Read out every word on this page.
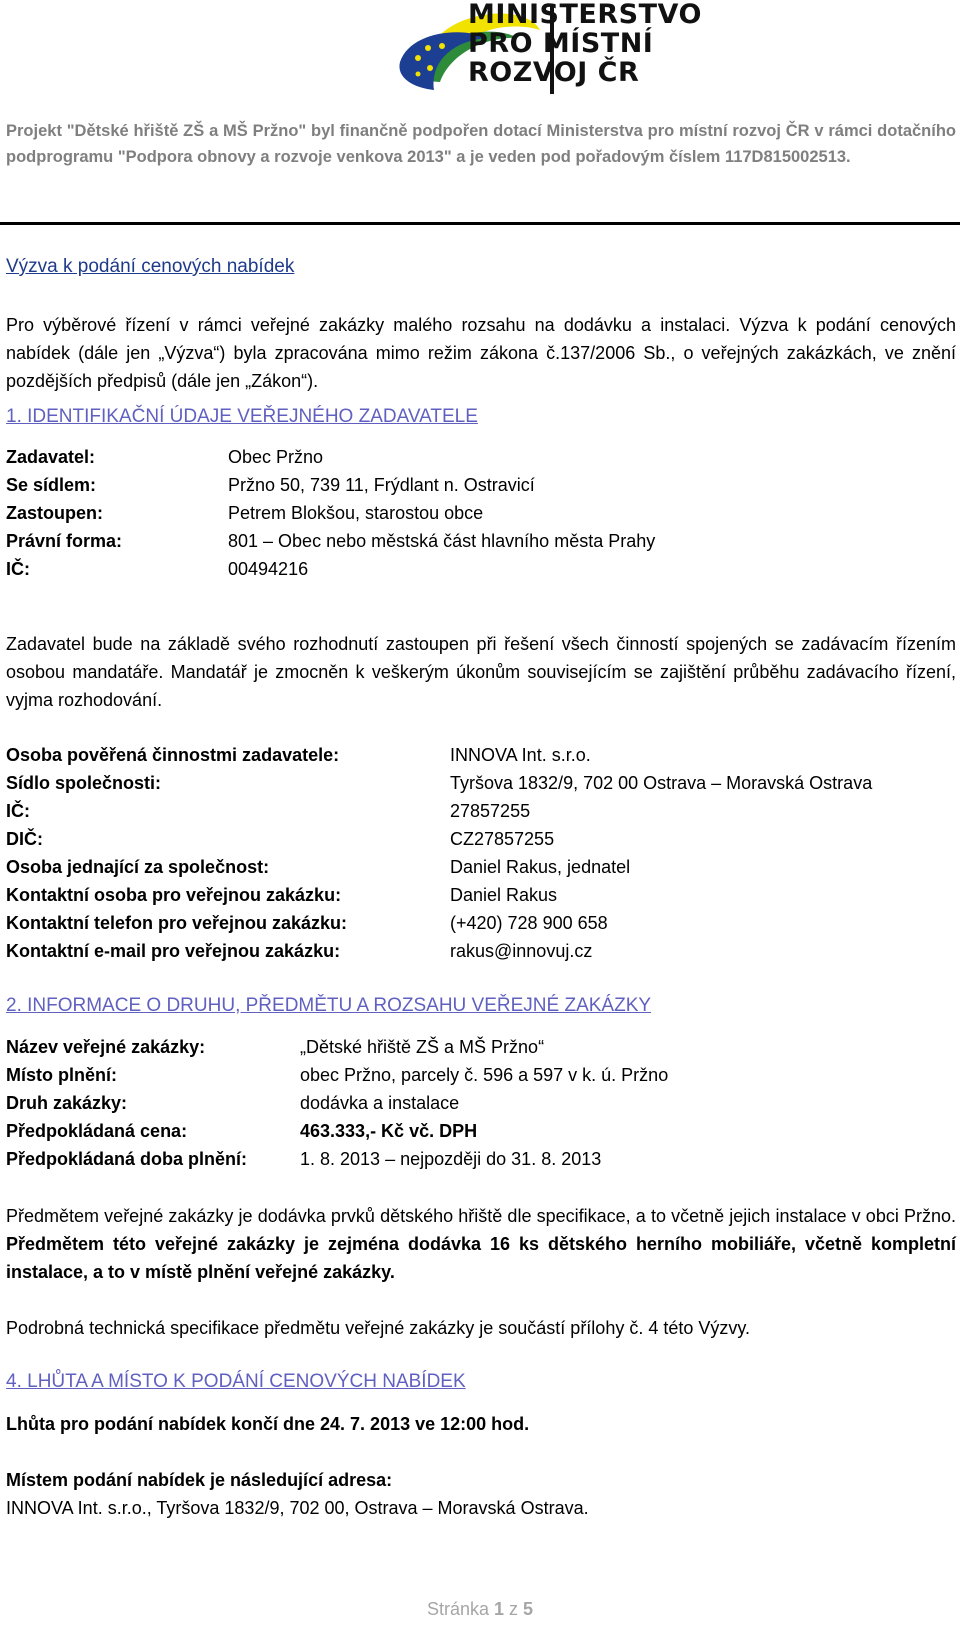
MINISTERSTVO
PRO MÍSTNÍ
ROZVOJ ČR
Projekt "Dětské hřiště ZŠ a MŠ Pržno" byl finančně podpořen dotací Ministerstva pro místní rozvoj ČR v rámci dotačního podprogramu "Podpora obnovy a rozvoje venkova 2013" a je veden pod pořadovým číslem 117D815002513.
Výzva k podání cenových nabídek
Pro výběrové řízení v rámci veřejné zakázky malého rozsahu na dodávku a instalaci. Výzva k podání cenových nabídek (dále jen „Výzva“) byla zpracována mimo režim zákona č.137/2006 Sb., o veřejných zakázkách, ve znění pozdějších předpisů (dále jen „Zákon“).
1. IDENTIFIKAČNÍ ÚDAJE VEŘEJNÉHO ZADAVATELE
Zadavatel:	Obec Pržno
Se sídlem:	Pržno 50, 739 11, Frýdlant n. Ostravicí
Zastoupen:	Petrem Blokšou, starostou obce
Právní forma:	801 – Obec nebo městská část hlavního města Prahy
IČ:	00494216
Zadavatel bude na základě svého rozhodnutí zastoupen při řešení všech činností spojených se zadávacím řízením osobou mandatáře. Mandatář je zmocněn k veškerým úkonům souvisejícím se zajištění průběhu zadávacího řízení, vyjma rozhodování.
Osoba pověřená činnostmi zadavatele:	INNOVA Int. s.r.o.
Sídlo společnosti:	Tyršova 1832/9, 702 00 Ostrava – Moravská Ostrava
IČ:	27857255
DIČ:	CZ27857255
Osoba jednající za společnost:	Daniel Rakus, jednatel
Kontaktní osoba pro veřejnou zakázku:	Daniel Rakus
Kontaktní telefon pro veřejnou zakázku:	(+420) 728 900 658
Kontaktní e-mail pro veřejnou zakázku:	rakus@innovuj.cz
2. INFORMACE O DRUHU, PŘEDMĚTU A ROZSAHU VEŘEJNÉ ZAKÁZKY
Název veřejné zakázky:	„Dětské hřiště ZŠ a MŠ Pržno“
Místo plnění:	obec Pržno, parcely č. 596 a 597 v k. ú. Pržno
Druh zakázky:	dodávka a instalace
Předpokládaná cena:	463.333,- Kč vč. DPH
Předpokládaná doba plnění:	1. 8. 2013 – nejpozději do 31. 8. 2013
Předmětem veřejné zakázky je dodávka prvků dětského hřiště dle specifikace, a to včetně jejich instalace v obci Pržno. Předmětem této veřejné zakázky je zejména dodávka 16 ks dětského herního mobiliáře, včetně kompletní instalace, a to v místě plnění veřejné zakázky.
Podrobná technická specifikace předmětu veřejné zakázky je součástí přílohy č. 4 této Výzvy.
4. LHŮTA A MÍSTO K PODÁNÍ CENOVÝCH NABÍDEK
Lhůta pro podání nabídek končí dne 24. 7. 2013 ve 12:00 hod.
Místem podání nabídek je následující adresa:
INNOVA Int. s.r.o., Tyršova 1832/9, 702 00, Ostrava – Moravská Ostrava.
Stránka 1 z 5
